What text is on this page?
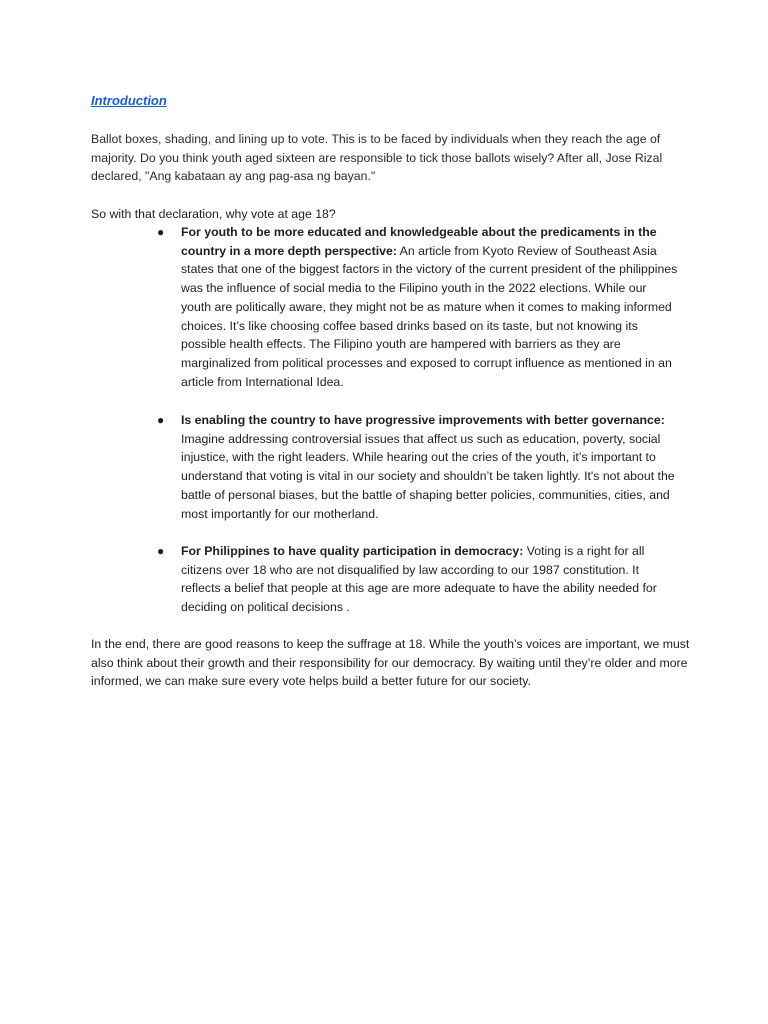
Introduction
Ballot boxes, shading, and lining up to vote. This is to be faced by individuals when they reach the age of majority. Do you think youth aged sixteen are responsible to tick those ballots wisely? After all, Jose Rizal declared, "Ang kabataan ay ang pag-asa ng bayan."
So with that declaration, why vote at age 18?
● For youth to be more educated and knowledgeable about the predicaments in the country in a more depth perspective: An article from Kyoto Review of Southeast Asia states that one of the biggest factors in the victory of the current president of the philippines was the influence of social media to the Filipino youth in the 2022 elections. While our youth are politically aware, they might not be as mature when it comes to making informed choices. It’s like choosing coffee based drinks based on its taste, but not knowing its possible health effects. The Filipino youth are hampered with barriers as they are marginalized from political processes and exposed to corrupt influence as mentioned in an article from International Idea.
● Is enabling the country to have progressive improvements with better governance: Imagine addressing controversial issues that affect us such as education, poverty, social injustice, with the right leaders. While hearing out the cries of the youth, it’s important to understand that voting is vital in our society and shouldn’t be taken lightly. It's not about the battle of personal biases, but the battle of shaping better policies, communities, cities, and most importantly for our motherland.
● For Philippines to have quality participation in democracy: Voting is a right for all citizens over 18 who are not disqualified by law according to our 1987 constitution. It reflects a belief that people at this age are more adequate to have the ability needed for deciding on political decisions .
In the end, there are good reasons to keep the suffrage at 18. While the youth’s voices are important, we must also think about their growth and their responsibility for our democracy. By waiting until they’re older and more informed, we can make sure every vote helps build a better future for our society.
